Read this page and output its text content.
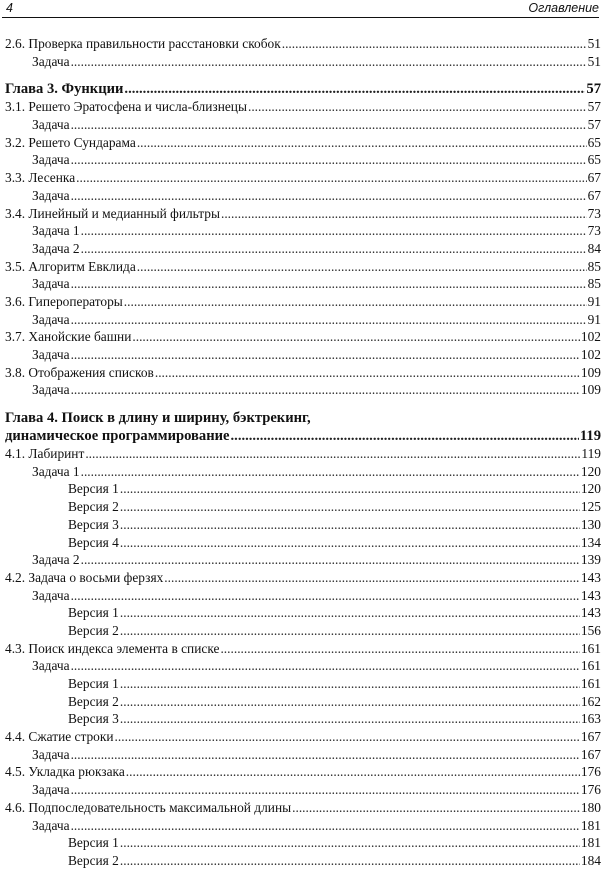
4	Оглавление
2.6. Проверка правильности расстановки скобок .....	51
Задача .....	51
Глава 3. Функции .....	57
3.1. Решето Эратосфена и числа-близнецы .....	57
Задача .....	57
3.2. Решето Сундарама .....	65
Задача .....	65
3.3. Лесенка .....	67
Задача .....	67
3.4. Линейный и медианный фильтры .....	73
Задача 1 .....	73
Задача 2 .....	84
3.5. Алгоритм Евклида .....	85
Задача .....	85
3.6. Гипероператоры .....	91
Задача .....	91
3.7. Ханойские башни .....	102
Задача .....	102
3.8. Отображения списков .....	109
Задача .....	109
Глава 4. Поиск в длину и ширину, бэктрекинг,
динамическое программирование .....	119
4.1. Лабиринт .....	119
Задача 1 .....	120
Версия 1 .....	120
Версия 2 .....	125
Версия 3 .....	130
Версия 4 .....	134
Задача 2 .....	139
4.2. Задача о восьми ферзях .....	143
Задача .....	143
Версия 1 .....	143
Версия 2 .....	156
4.3. Поиск индекса элемента в списке .....	161
Задача .....	161
Версия 1 .....	161
Версия 2 .....	162
Версия 3 .....	163
4.4. Сжатие строки .....	167
Задача .....	167
4.5. Укладка рюкзака .....	176
Задача .....	176
4.6. Подпоследовательность максимальной длины .....	180
Задача .....	181
Версия 1 .....	181
Версия 2 .....	184
